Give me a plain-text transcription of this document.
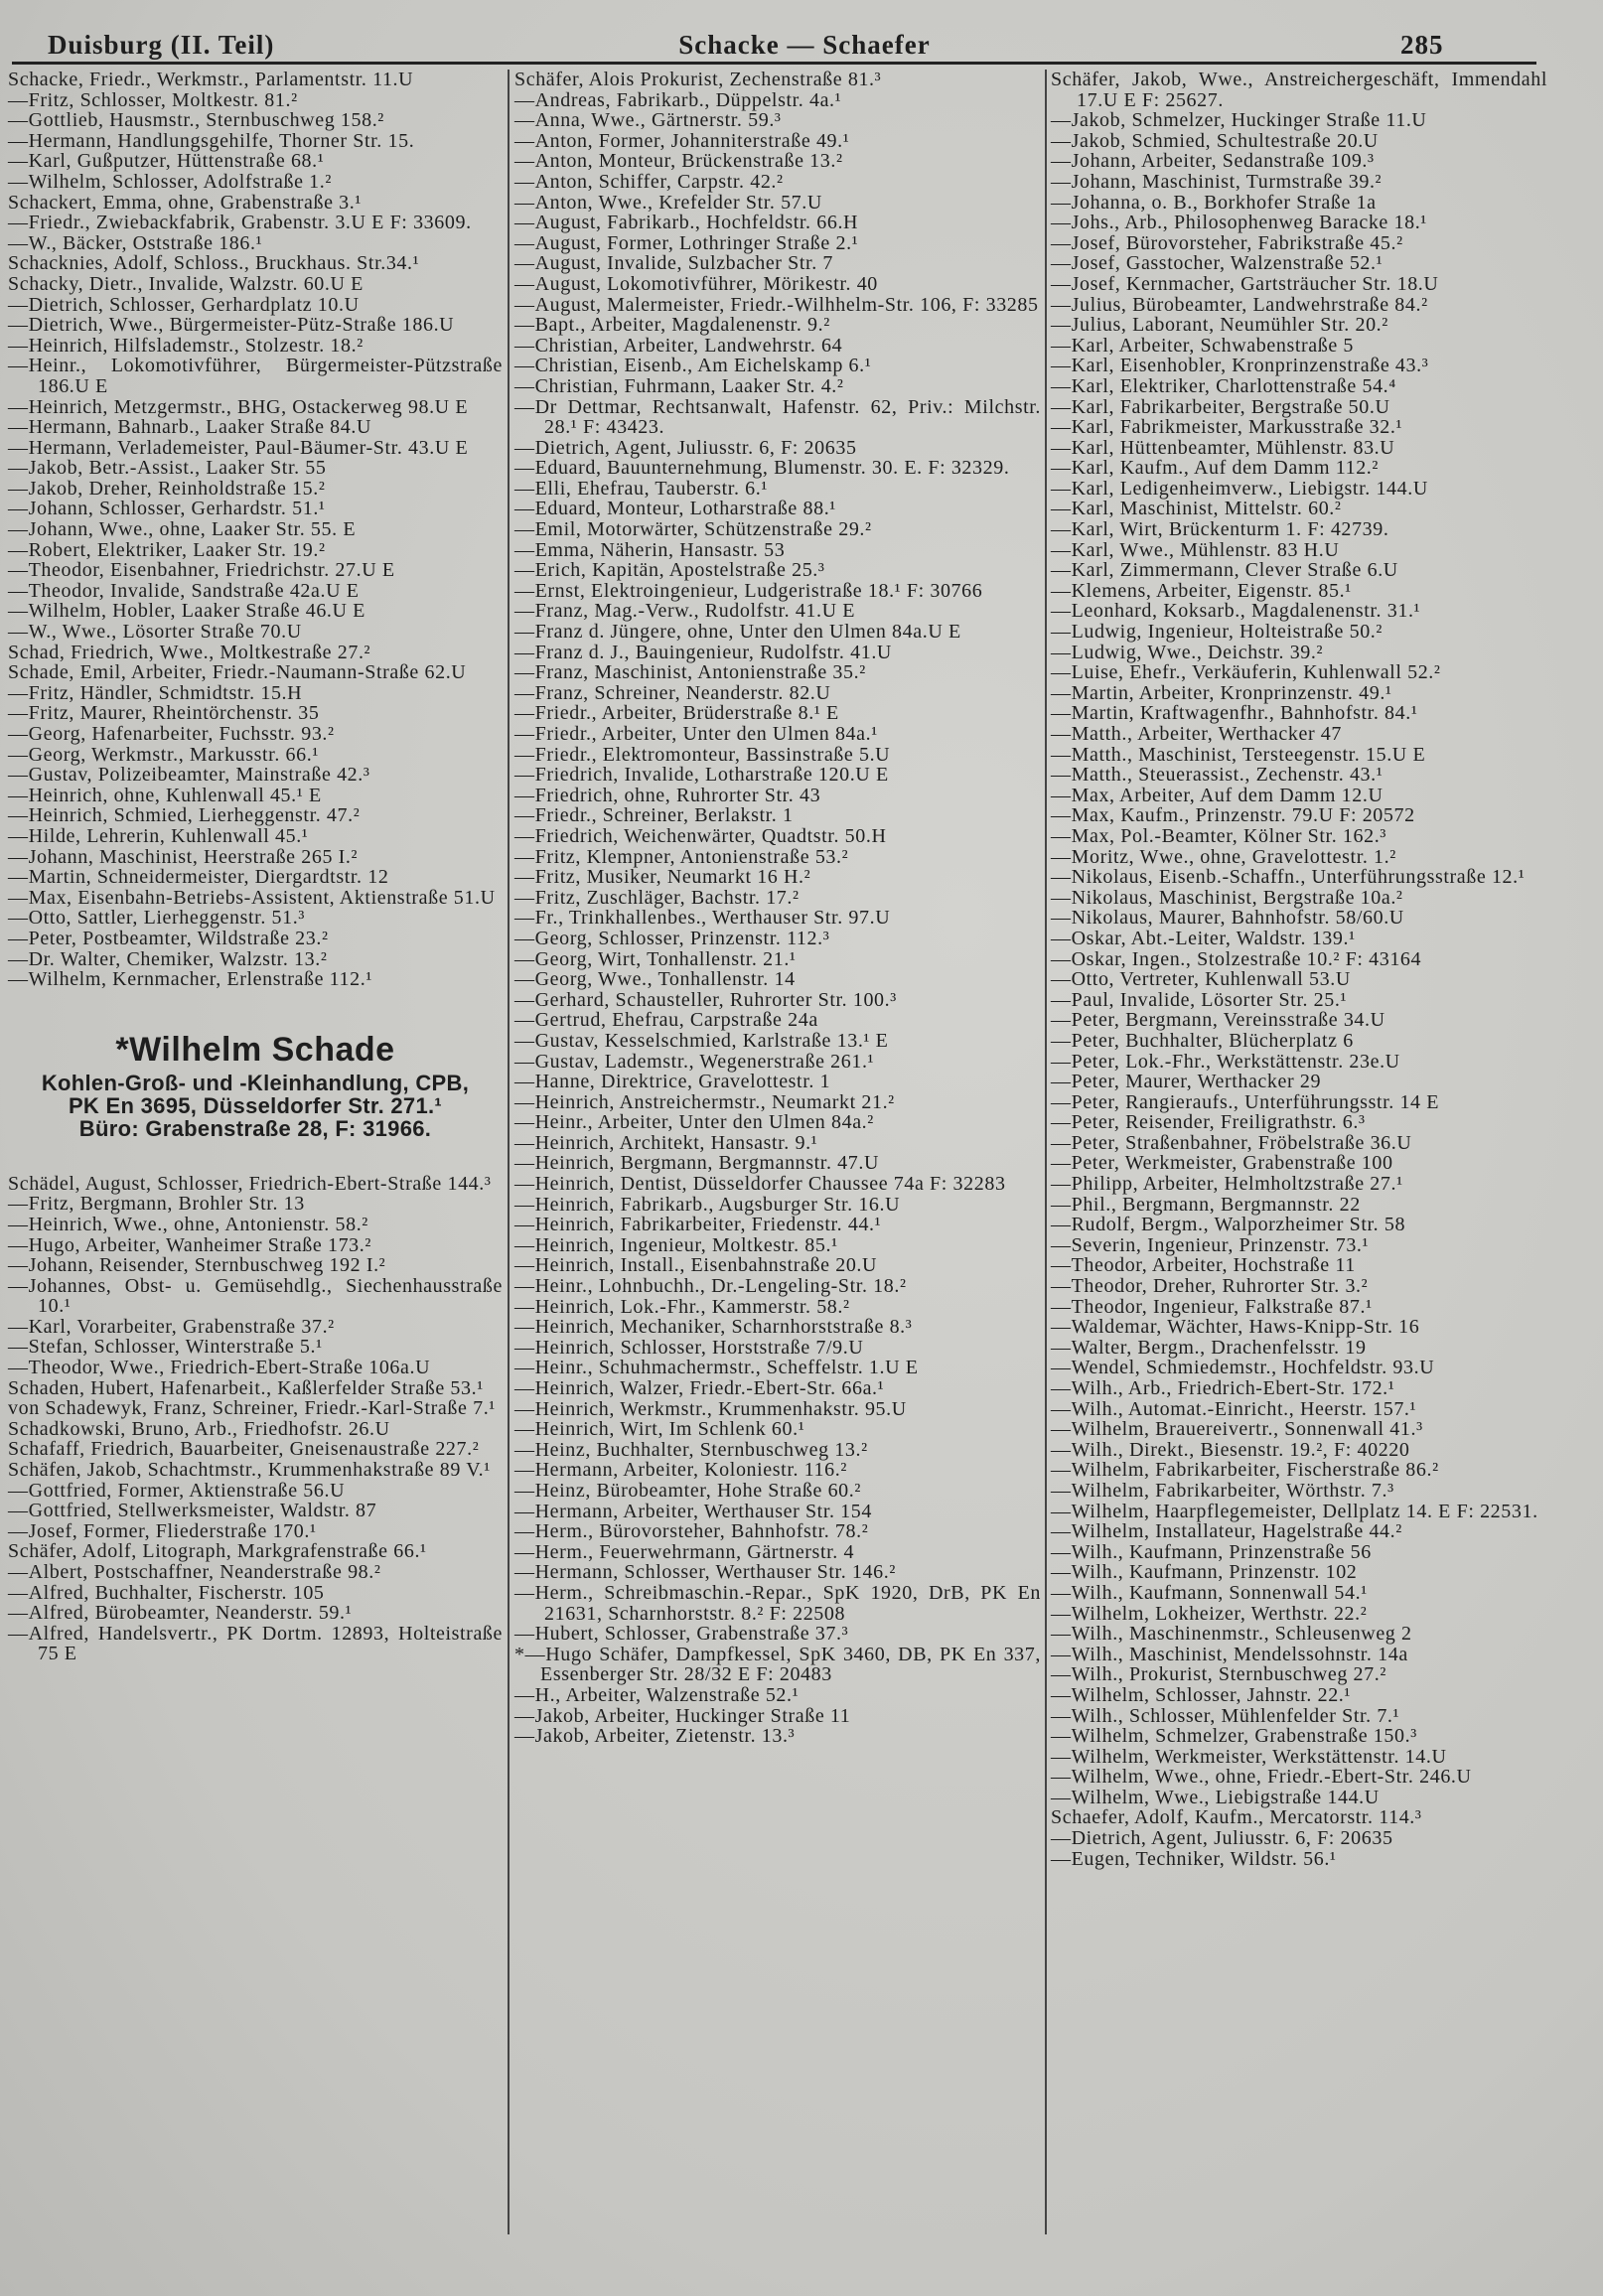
Duisburg (II. Teil)	Schacke — Schaefer	285
Schacke, Friedr., Werkmstr., Parlamentstr. 11.U
—Fritz, Schlosser, Moltkestr. 81.²
—Gottlieb, Hausmstr., Sternbuschweg 158.²
—Hermann, Handlungsgehilfe, Thorner Str. 15.
—Karl, Gußputzer, Hüttenstraße 68.¹
—Wilhelm, Schlosser, Adolfstraße 1.²
Schackert, Emma, ohne, Grabenstraße 3.¹
—Friedr., Zwiebackfabrik, Grabenstr. 3.U E F: 33609.
—W., Bäcker, Oststraße 186.¹
Schacknies, Adolf, Schloss., Bruckhaus. Str.34.¹
Schacky, Dietr., Invalide, Walzstr. 60.U E
—Dietrich, Schlosser, Gerhardplatz 10.U
—Dietrich, Wwe., Bürgermeister-Pütz-Straße 186.U
—Heinrich, Hilfslademstr., Stolzestr. 18.²
—Heinr., Lokomotivführer, Bürgermeister-Pützstraße 186.U E
—Heinrich, Metzgermstr., BHG, Ostackerweg 98.U E
—Hermann, Bahnarb., Laaker Straße 84.U
—Hermann, Verlademeister, Paul-Bäumer-Str. 43.U E
—Jakob, Betr.-Assist., Laaker Str. 55
—Jakob, Dreher, Reinholdstraße 15.²
—Johann, Schlosser, Gerhardstr. 51.¹
—Johann, Wwe., ohne, Laaker Str. 55. E
—Robert, Elektriker, Laaker Str. 19.²
—Theodor, Eisenbahner, Friedrichstr. 27.U E
—Theodor, Invalide, Sandstraße 42a.U E
—Wilhelm, Hobler, Laaker Straße 46.U E
—W., Wwe., Lösorter Straße 70.U
Schad, Friedrich, Wwe., Moltkestraße 27.²
Schade, Emil, Arbeiter, Friedr.-Naumann-Straße 62.U
—Fritz, Händler, Schmidtstr. 15.H
—Fritz, Maurer, Rheintörchenstr. 35
—Georg, Hafenarbeiter, Fuchsstr. 93.²
—Georg, Werkmstr., Markusstr. 66.¹
—Gustav, Polizeibeamter, Mainstraße 42.³
—Heinrich, ohne, Kuhlenwall 45.¹ E
—Heinrich, Schmied, Lierheggenstr. 47.²
—Hilde, Lehrerin, Kuhlenwall 45.¹
—Johann, Maschinist, Heerstraße 265 I.²
—Martin, Schneidermeister, Diergardtstr. 12
—Max, Eisenbahn-Betriebs-Assistent, Aktienstraße 51.U
—Otto, Sattler, Lierheggenstr. 51.³
—Peter, Postbeamter, Wildstraße 23.²
—Dr. Walter, Chemiker, Walzstr. 13.²
—Wilhelm, Kernmacher, Erlenstraße 112.¹
*Wilhelm Schade
Kohlen-Groß- und -Kleinhandlung, CPB,
PK En 3695, Düsseldorfer Str. 271.¹
Büro: Grabenstraße 28, F: 31966.
Schädel, August, Schlosser, Friedrich-Ebert-Straße 144.³
—Fritz, Bergmann, Brohler Str. 13
—Heinrich, Wwe., ohne, Antonienstr. 58.²
—Hugo, Arbeiter, Wanheimer Straße 173.²
—Johann, Reisender, Sternbuschweg 192 I.²
—Johannes, Obst- u. Gemüsehdlg., Siechenhausstraße 10.¹
—Karl, Vorarbeiter, Grabenstraße 37.²
—Stefan, Schlosser, Winterstraße 5.¹
—Theodor, Wwe., Friedrich-Ebert-Straße 106a.U
Schaden, Hubert, Hafenarbeit., Kaßlerfelder Straße 53.¹
von Schadewyk, Franz, Schreiner, Friedr.-Karl-Straße 7.¹
Schadkowski, Bruno, Arb., Friedhofstr. 26.U
Schafaff, Friedrich, Bauarbeiter, Gneisenaustraße 227.²
Schäfen, Jakob, Schachtmstr., Krummenhakstraße 89 V.¹
—Gottfried, Former, Aktienstraße 56.U
—Gottfried, Stellwerksmeister, Waldstr. 87
—Josef, Former, Fliederstraße 170.¹
Schäfer, Adolf, Litograph, Markgrafenstraße 66.¹
—Albert, Postschaffner, Neanderstraße 98.²
—Alfred, Buchhalter, Fischerstr. 105
—Alfred, Bürobeamter, Neanderstr. 59.¹
—Alfred, Handelsvertr., PK Dortm. 12893, Holteistraße 75 E
Schäfer, Alois Prokurist, Zechenstraße 81.³
—Andreas, Fabrikarb., Düppelstr. 4a.¹
—Anna, Wwe., Gärtnerstr. 59.³
—Anton, Former, Johanniterstraße 49.¹
—Anton, Monteur, Brückenstraße 13.²
—Anton, Schiffer, Carpstr. 42.²
—Anton, Wwe., Krefelder Str. 57.U
—August, Fabrikarb., Hochfeldstr. 66.H
—August, Former, Lothringer Straße 2.¹
—August, Invalide, Sulzbacher Str. 7
—August, Lokomotivführer, Mörikestr. 40
—August, Malermeister, Friedr.-Wilhhelm-Str. 106, F: 33285
—Bapt., Arbeiter, Magdalenenstr. 9.²
—Christian, Arbeiter, Landwehrstr. 64
—Christian, Eisenb., Am Eichelskamp 6.¹
—Christian, Fuhrmann, Laaker Str. 4.²
—Dr Dettmar, Rechtsanwalt, Hafenstr. 62, Priv.: Milchstr. 28.¹ F: 43423.
—Dietrich, Agent, Juliusstr. 6, F: 20635
—Eduard, Bauunternehmung, Blumenstr. 30. E. F: 32329.
—Elli, Ehefrau, Tauberstr. 6.¹
—Eduard, Monteur, Lotharstraße 88.¹
—Emil, Motorwärter, Schützenstraße 29.²
—Emma, Näherin, Hansastr. 53
—Erich, Kapitän, Apostelstraße 25.³
—Ernst, Elektroingenieur, Ludgeristraße 18.¹ F: 30766
—Franz, Mag.-Verw., Rudolfstr. 41.U E
—Franz d. Jüngere, ohne, Unter den Ulmen 84a.U E
—Franz d. J., Bauingenieur, Rudolfstr. 41.U
—Franz, Maschinist, Antonienstraße 35.²
—Franz, Schreiner, Neanderstr. 82.U
—Friedr., Arbeiter, Brüderstraße 8.¹ E
—Friedr., Arbeiter, Unter den Ulmen 84a.¹
—Friedr., Elektromonteur, Bassinstraße 5.U
—Friedrich, Invalide, Lotharstraße 120.U E
—Friedrich, ohne, Ruhrorter Str. 43
—Friedr., Schreiner, Berlakstr. 1
—Friedrich, Weichenwärter, Quadtstr. 50.H
—Fritz, Klempner, Antonienstraße 53.²
—Fritz, Musiker, Neumarkt 16 H.²
—Fritz, Zuschläger, Bachstr. 17.²
—Fr., Trinkhallenbes., Werthauser Str. 97.U
—Georg, Schlosser, Prinzenstr. 112.³
—Georg, Wirt, Tonhallenstr. 21.¹
—Georg, Wwe., Tonhallenstr. 14
—Gerhard, Schausteller, Ruhrorter Str. 100.³
—Gertrud, Ehefrau, Carpstraße 24a
—Gustav, Kesselschmied, Karlstraße 13.¹ E
—Gustav, Lademstr., Wegenerstraße 261.¹
—Hanne, Direktrice, Gravelottestr. 1
—Heinrich, Anstreichermstr., Neumarkt 21.²
—Heinr., Arbeiter, Unter den Ulmen 84a.²
—Heinrich, Architekt, Hansastr. 9.¹
—Heinrich, Bergmann, Bergmannstr. 47.U
—Heinrich, Dentist, Düsseldorfer Chaussee 74a F: 32283
—Heinrich, Fabrikarb., Augsburger Str. 16.U
—Heinrich, Fabrikarbeiter, Friedenstr. 44.¹
—Heinrich, Ingenieur, Moltkestr. 85.¹
—Heinrich, Install., Eisenbahnstraße 20.U
—Heinr., Lohnbuchh., Dr.-Lengeling-Str. 18.²
—Heinrich, Lok.-Fhr., Kammerstr. 58.²
—Heinrich, Mechaniker, Scharnhorststraße 8.³
—Heinrich, Schlosser, Horststraße 7/9.U
—Heinr., Schuhmachermstr., Scheffelstr. 1.U E
—Heinrich, Walzer, Friedr.-Ebert-Str. 66a.¹
—Heinrich, Werkmstr., Krummenhakstr. 95.U
—Heinrich, Wirt, Im Schlenk 60.¹
—Heinz, Buchhalter, Sternbuschweg 13.²
—Hermann, Arbeiter, Koloniestr. 116.²
—Heinz, Bürobeamter, Hohe Straße 60.²
—Hermann, Arbeiter, Werthauser Str. 154
—Herm., Bürovorsteher, Bahnhofstr. 78.²
—Herm., Feuerwehrmann, Gärtnerstr. 4
—Hermann, Schlosser, Werthauser Str. 146.²
—Herm., Schreibmaschin.-Repar., SpK 1920, DrB, PK En 21631, Scharnhorststr. 8.² F: 22508
—Hubert, Schlosser, Grabenstraße 37.³
*—Hugo Schäfer, Dampfkessel, SpK 3460, DB, PK En 337, Essenberger Str. 28/32 E F: 20483
—H., Arbeiter, Walzenstraße 52.¹
—Jakob, Arbeiter, Huckinger Straße 11
—Jakob, Arbeiter, Zietenstr. 13.³
Schäfer, Jakob, Wwe., Anstreichergeschäft, Immendahl 17.U E F: 25627.
—Jakob, Schmelzer, Huckinger Straße 11.U
—Jakob, Schmied, Schultestraße 20.U
—Johann, Arbeiter, Sedanstraße 109.³
—Johann, Maschinist, Turmstraße 39.²
—Johanna, o. B., Borkhofer Straße 1a
—Johs., Arb., Philosophenweg Baracke 18.¹
—Josef, Bürovorsteher, Fabrikstraße 45.²
—Josef, Gasstocher, Walzenstraße 52.¹
—Josef, Kernmacher, Gartsträucher Str. 18.U
—Julius, Bürobeamter, Landwehrstraße 84.²
—Julius, Laborant, Neumühler Str. 20.²
—Karl, Arbeiter, Schwabenstraße 5
—Karl, Eisenhobler, Kronprinzenstraße 43.³
—Karl, Elektriker, Charlottenstraße 54.⁴
—Karl, Fabrikarbeiter, Bergstraße 50.U
—Karl, Fabrikmeister, Markusstraße 32.¹
—Karl, Hüttenbeamter, Mühlenstr. 83.U
—Karl, Kaufm., Auf dem Damm 112.²
—Karl, Ledigenheimverw., Liebigstr. 144.U
—Karl, Maschinist, Mittelstr. 60.²
—Karl, Wirt, Brückenturm 1. F: 42739.
—Karl, Wwe., Mühlenstr. 83 H.U
—Karl, Zimmermann, Clever Straße 6.U
—Klemens, Arbeiter, Eigenstr. 85.¹
—Leonhard, Koksarb., Magdalenenstr. 31.¹
—Ludwig, Ingenieur, Holteistraße 50.²
—Ludwig, Wwe., Deichstr. 39.²
—Luise, Ehefr., Verkäuferin, Kuhlenwall 52.²
—Martin, Arbeiter, Kronprinzenstr. 49.¹
—Martin, Kraftwagenfhr., Bahnhofstr. 84.¹
—Matth., Arbeiter, Werthacker 47
—Matth., Maschinist, Tersteegenstr. 15.U E
—Matth., Steuerassist., Zechenstr. 43.¹
—Max, Arbeiter, Auf dem Damm 12.U
—Max, Kaufm., Prinzenstr. 79.U F: 20572
—Max, Pol.-Beamter, Kölner Str. 162.³
—Moritz, Wwe., ohne, Gravelottestr. 1.²
—Nikolaus, Eisenb.-Schaffn., Unterführungsstraße 12.¹
—Nikolaus, Maschinist, Bergstraße 10a.²
—Nikolaus, Maurer, Bahnhofstr. 58/60.U
—Oskar, Abt.-Leiter, Waldstr. 139.¹
—Oskar, Ingen., Stolzestraße 10.² F: 43164
—Otto, Vertreter, Kuhlenwall 53.U
—Paul, Invalide, Lösorter Str. 25.¹
—Peter, Bergmann, Vereinsstraße 34.U
—Peter, Buchhalter, Blücherplatz 6
—Peter, Lok.-Fhr., Werkstättenstr. 23e.U
—Peter, Maurer, Werthacker 29
—Peter, Rangieraufs., Unterführungsstr. 14 E
—Peter, Reisender, Freiligrathstr. 6.³
—Peter, Straßenbahner, Fröbelstraße 36.U
—Peter, Werkmeister, Grabenstraße 100
—Philipp, Arbeiter, Helmholtzstraße 27.¹
—Phil., Bergmann, Bergmannstr. 22
—Rudolf, Bergm., Walporzheimer Str. 58
—Severin, Ingenieur, Prinzenstr. 73.¹
—Theodor, Arbeiter, Hochstraße 11
—Theodor, Dreher, Ruhrorter Str. 3.²
—Theodor, Ingenieur, Falkstraße 87.¹
—Waldemar, Wächter, Haws-Knipp-Str. 16
—Walter, Bergm., Drachenfelsstr. 19
—Wendel, Schmiedemstr., Hochfeldstr. 93.U
—Wilh., Arb., Friedrich-Ebert-Str. 172.¹
—Wilh., Automat.-Einricht., Heerstr. 157.¹
—Wilhelm, Brauereivertr., Sonnenwall 41.³
—Wilh., Direkt., Biesenstr. 19.², F: 40220
—Wilhelm, Fabrikarbeiter, Fischerstraße 86.²
—Wilhelm, Fabrikarbeiter, Wörthstr. 7.³
—Wilhelm, Haarpflegemeister, Dellplatz 14. E F: 22531.
—Wilhelm, Installateur, Hagelstraße 44.²
—Wilh., Kaufmann, Prinzenstraße 56
—Wilh., Kaufmann, Prinzenstr. 102
—Wilh., Kaufmann, Sonnenwall 54.¹
—Wilhelm, Lokheizer, Werthstr. 22.²
—Wilh., Maschinenmstr., Schleusenweg 2
—Wilh., Maschinist, Mendelssohnstr. 14a
—Wilh., Prokurist, Sternbuschweg 27.²
—Wilhelm, Schlosser, Jahnstr. 22.¹
—Wilh., Schlosser, Mühlenfelder Str. 7.¹
—Wilhelm, Schmelzer, Grabenstraße 150.³
—Wilhelm, Werkmeister, Werkstättenstr. 14.U
—Wilhelm, Wwe., ohne, Friedr.-Ebert-Str. 246.U
—Wilhelm, Wwe., Liebigstraße 144.U
Schaefer, Adolf, Kaufm., Mercatorstr. 114.³
—Dietrich, Agent, Juliusstr. 6, F: 20635
—Eugen, Techniker, Wildstr. 56.¹
